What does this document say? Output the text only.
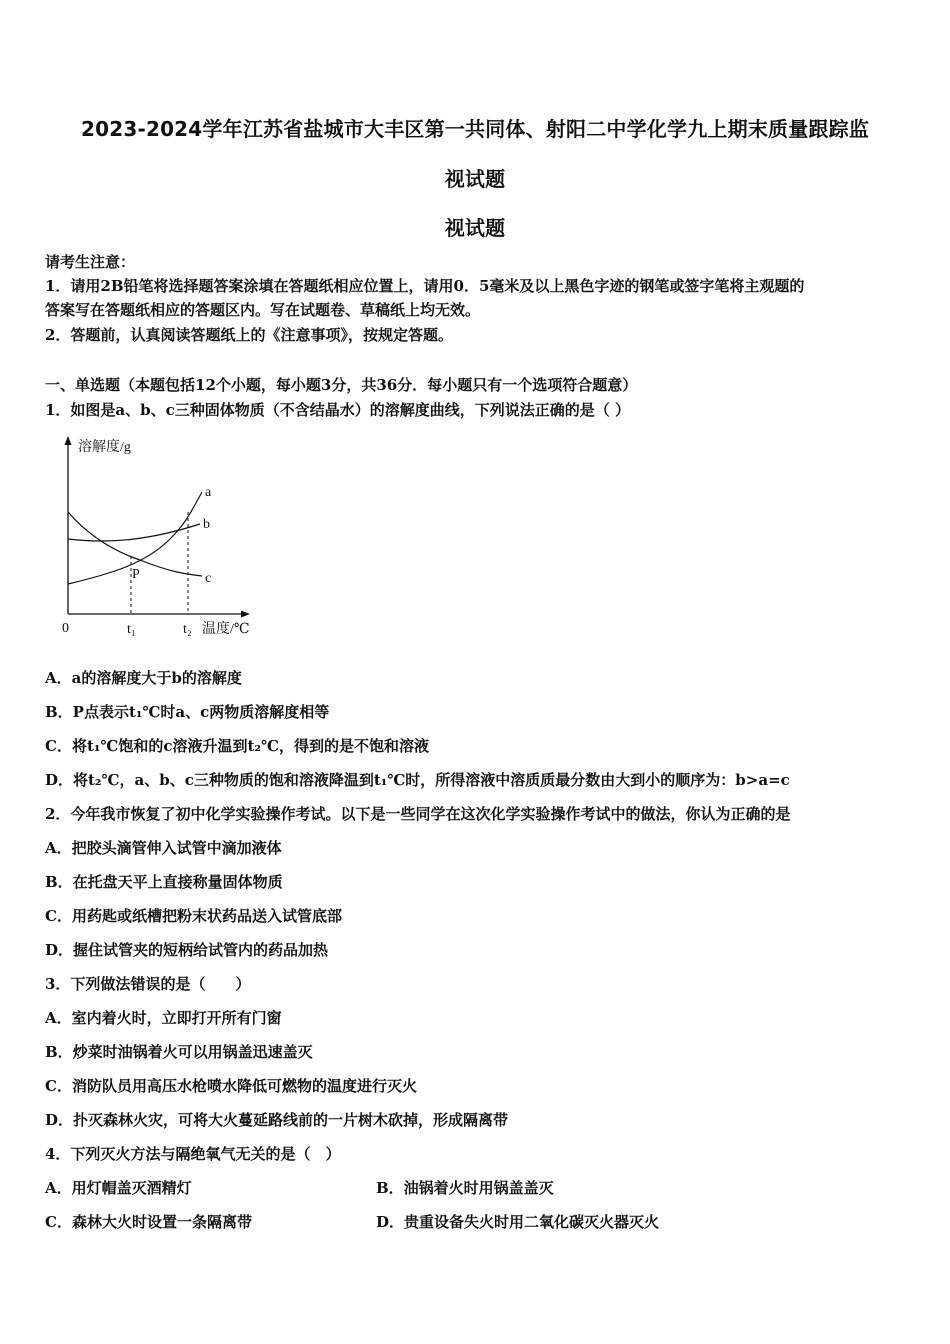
2023-2024学年江苏省盐城市大丰区第一共同体、射阳二中学化学九上期末质量跟踪监
视试题
视试题
请考生注意：
1．请用2B铅笔将选择题答案涂填在答题纸相应位置上，请用0．5毫米及以上黑色字迹的钢笔或签字笔将主观题的
答案写在答题纸相应的答题区内。写在试题卷、草稿纸上均无效。
2．答题前，认真阅读答题纸上的《注意事项》，按规定答题。
一、单选题（本题包括12个小题，每小题3分，共36分．每小题只有一个选项符合题意）
1．如图是a、b、c三种固体物质（不含结晶水）的溶解度曲线，下列说法正确的是（ ）
溶解度/g
温度/℃
0	t₁	t₂
a
b
c
P
A．a的溶解度大于b的溶解度
B．P点表示t₁℃时a、c两物质溶解度相等
C．将t₁℃饱和的c溶液升温到t₂℃，得到的是不饱和溶液
D．将t₂℃，a、b、c三种物质的饱和溶液降温到t₁℃时，所得溶液中溶质质最分数由大到小的顺序为：b>a=c
2．今年我市恢复了初中化学实验操作考试。以下是一些同学在这次化学实验操作考试中的做法，你认为正确的是
A．把胶头滴管伸入试管中滴加液体
B．在托盘天平上直接称量固体物质
C．用药匙或纸槽把粉末状药品送入试管底部
D．握住试管夹的短柄给试管内的药品加热
3．下列做法错误的是（　　）
A．室内着火时，立即打开所有门窗
B．炒菜时油锅着火可以用锅盖迅速盖灭
C．消防队员用高压水枪喷水降低可燃物的温度进行灭火
D．扑灭森林火灾，可将大火蔓延路线前的一片树木砍掉，形成隔离带
4．下列灭火方法与隔绝氧气无关的是（　）
A．用灯帽盖灭酒精灯	B．油锅着火时用锅盖盖灭
C．森林大火时设置一条隔离带	D．贵重设备失火时用二氧化碳灭火器灭火
